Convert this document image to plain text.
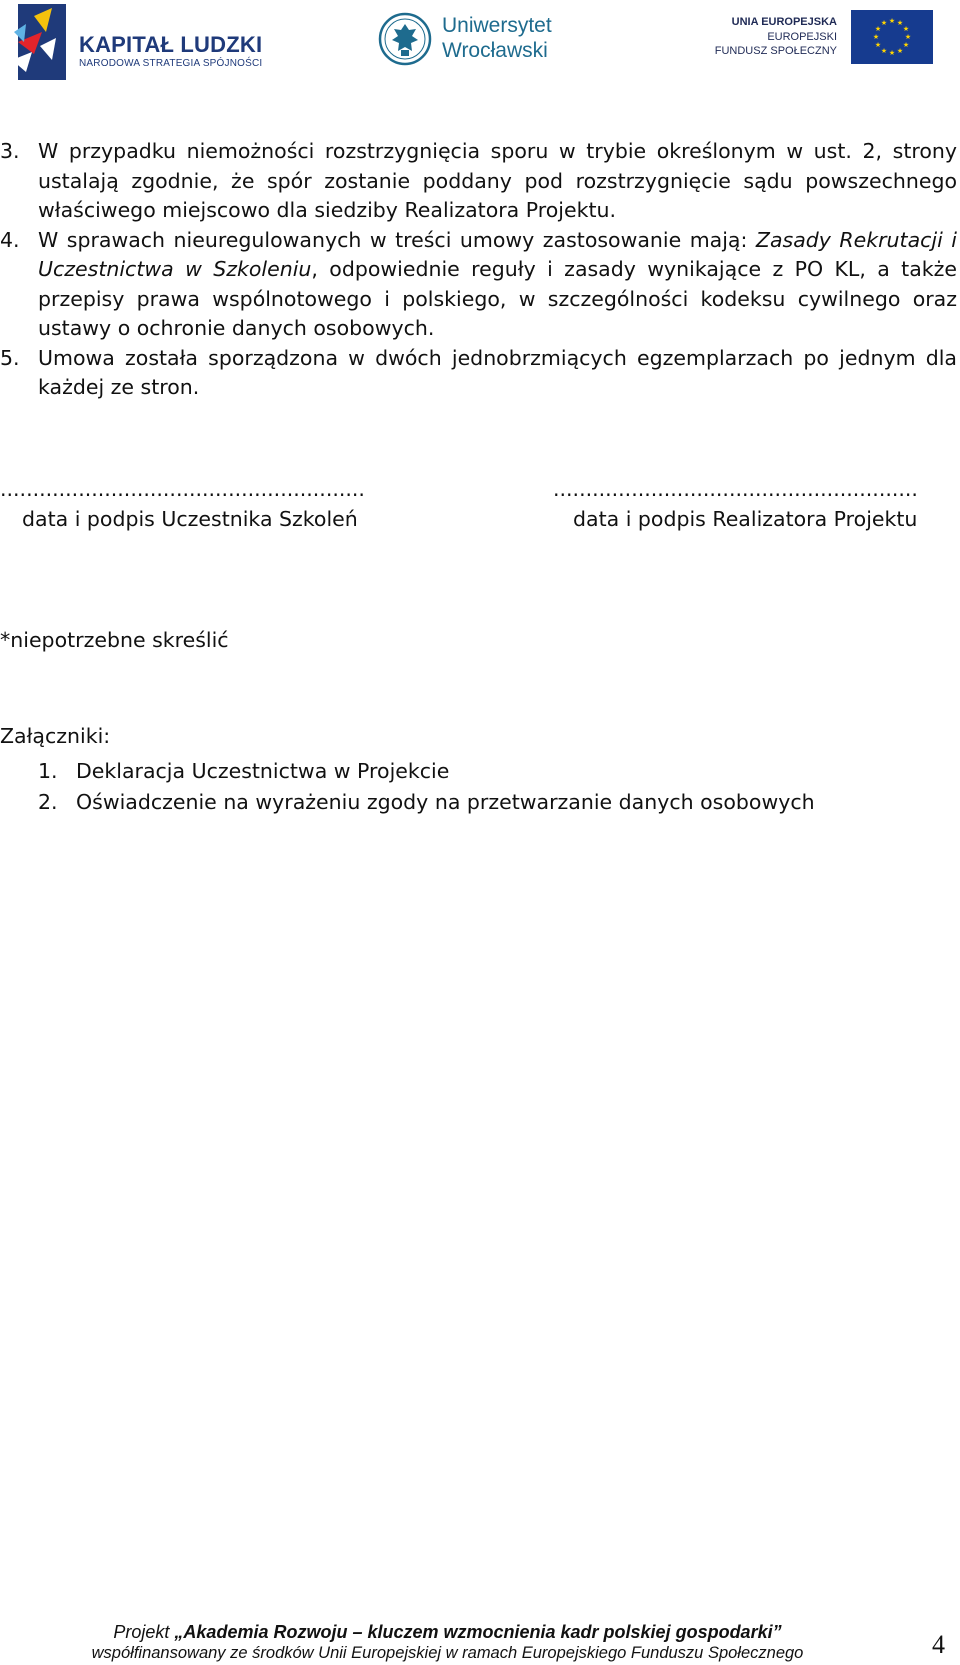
KAPITAŁ LUDZKI
NARODOWA STRATEGIA SPÓJNOŚCI
Uniwersytet
Wrocławski
UNIA EUROPEJSKA
EUROPEJSKI
FUNDUSZ SPOŁECZNY
★ ★
★
★
★
★
★
★
★
★
★
★
3. W przypadku niemożności rozstrzygnięcia sporu w trybie określonym w ust. 2, strony ustalają zgodnie, że spór zostanie poddany pod rozstrzygnięcie sądu powszechnego właściwego miejscowo dla siedziby Realizatora Projektu.

4. W sprawach nieuregulowanych w treści umowy zastosowanie mają: Zasady Rekrutacji i Uczestnictwa w Szkoleniu, odpowiednie reguły i zasady wynikające z PO KL, a także przepisy prawa wspólnotowego i polskiego, w szczególności kodeksu cywilnego oraz ustawy o ochronie danych osobowych.

5. Umowa została sporządzona w dwóch jednobrzmiących egzemplarzach po jednym dla każdej ze stron.

........................................................
data i podpis Uczestnika Szkoleń
........................................................
data i podpis Realizatora Projektu
*niepotrzebne skreślić
Załączniki:
1. Deklaracja Uczestnictwa w Projekcie
2. Oświadczenie na wyrażeniu zgody na przetwarzanie danych osobowych
Projekt „Akademia Rozwoju – kluczem wzmocnienia kadr polskiej gospodarki”
współfinansowany ze środków Unii Europejskiej w ramach Europejskiego Funduszu Społecznego	4
